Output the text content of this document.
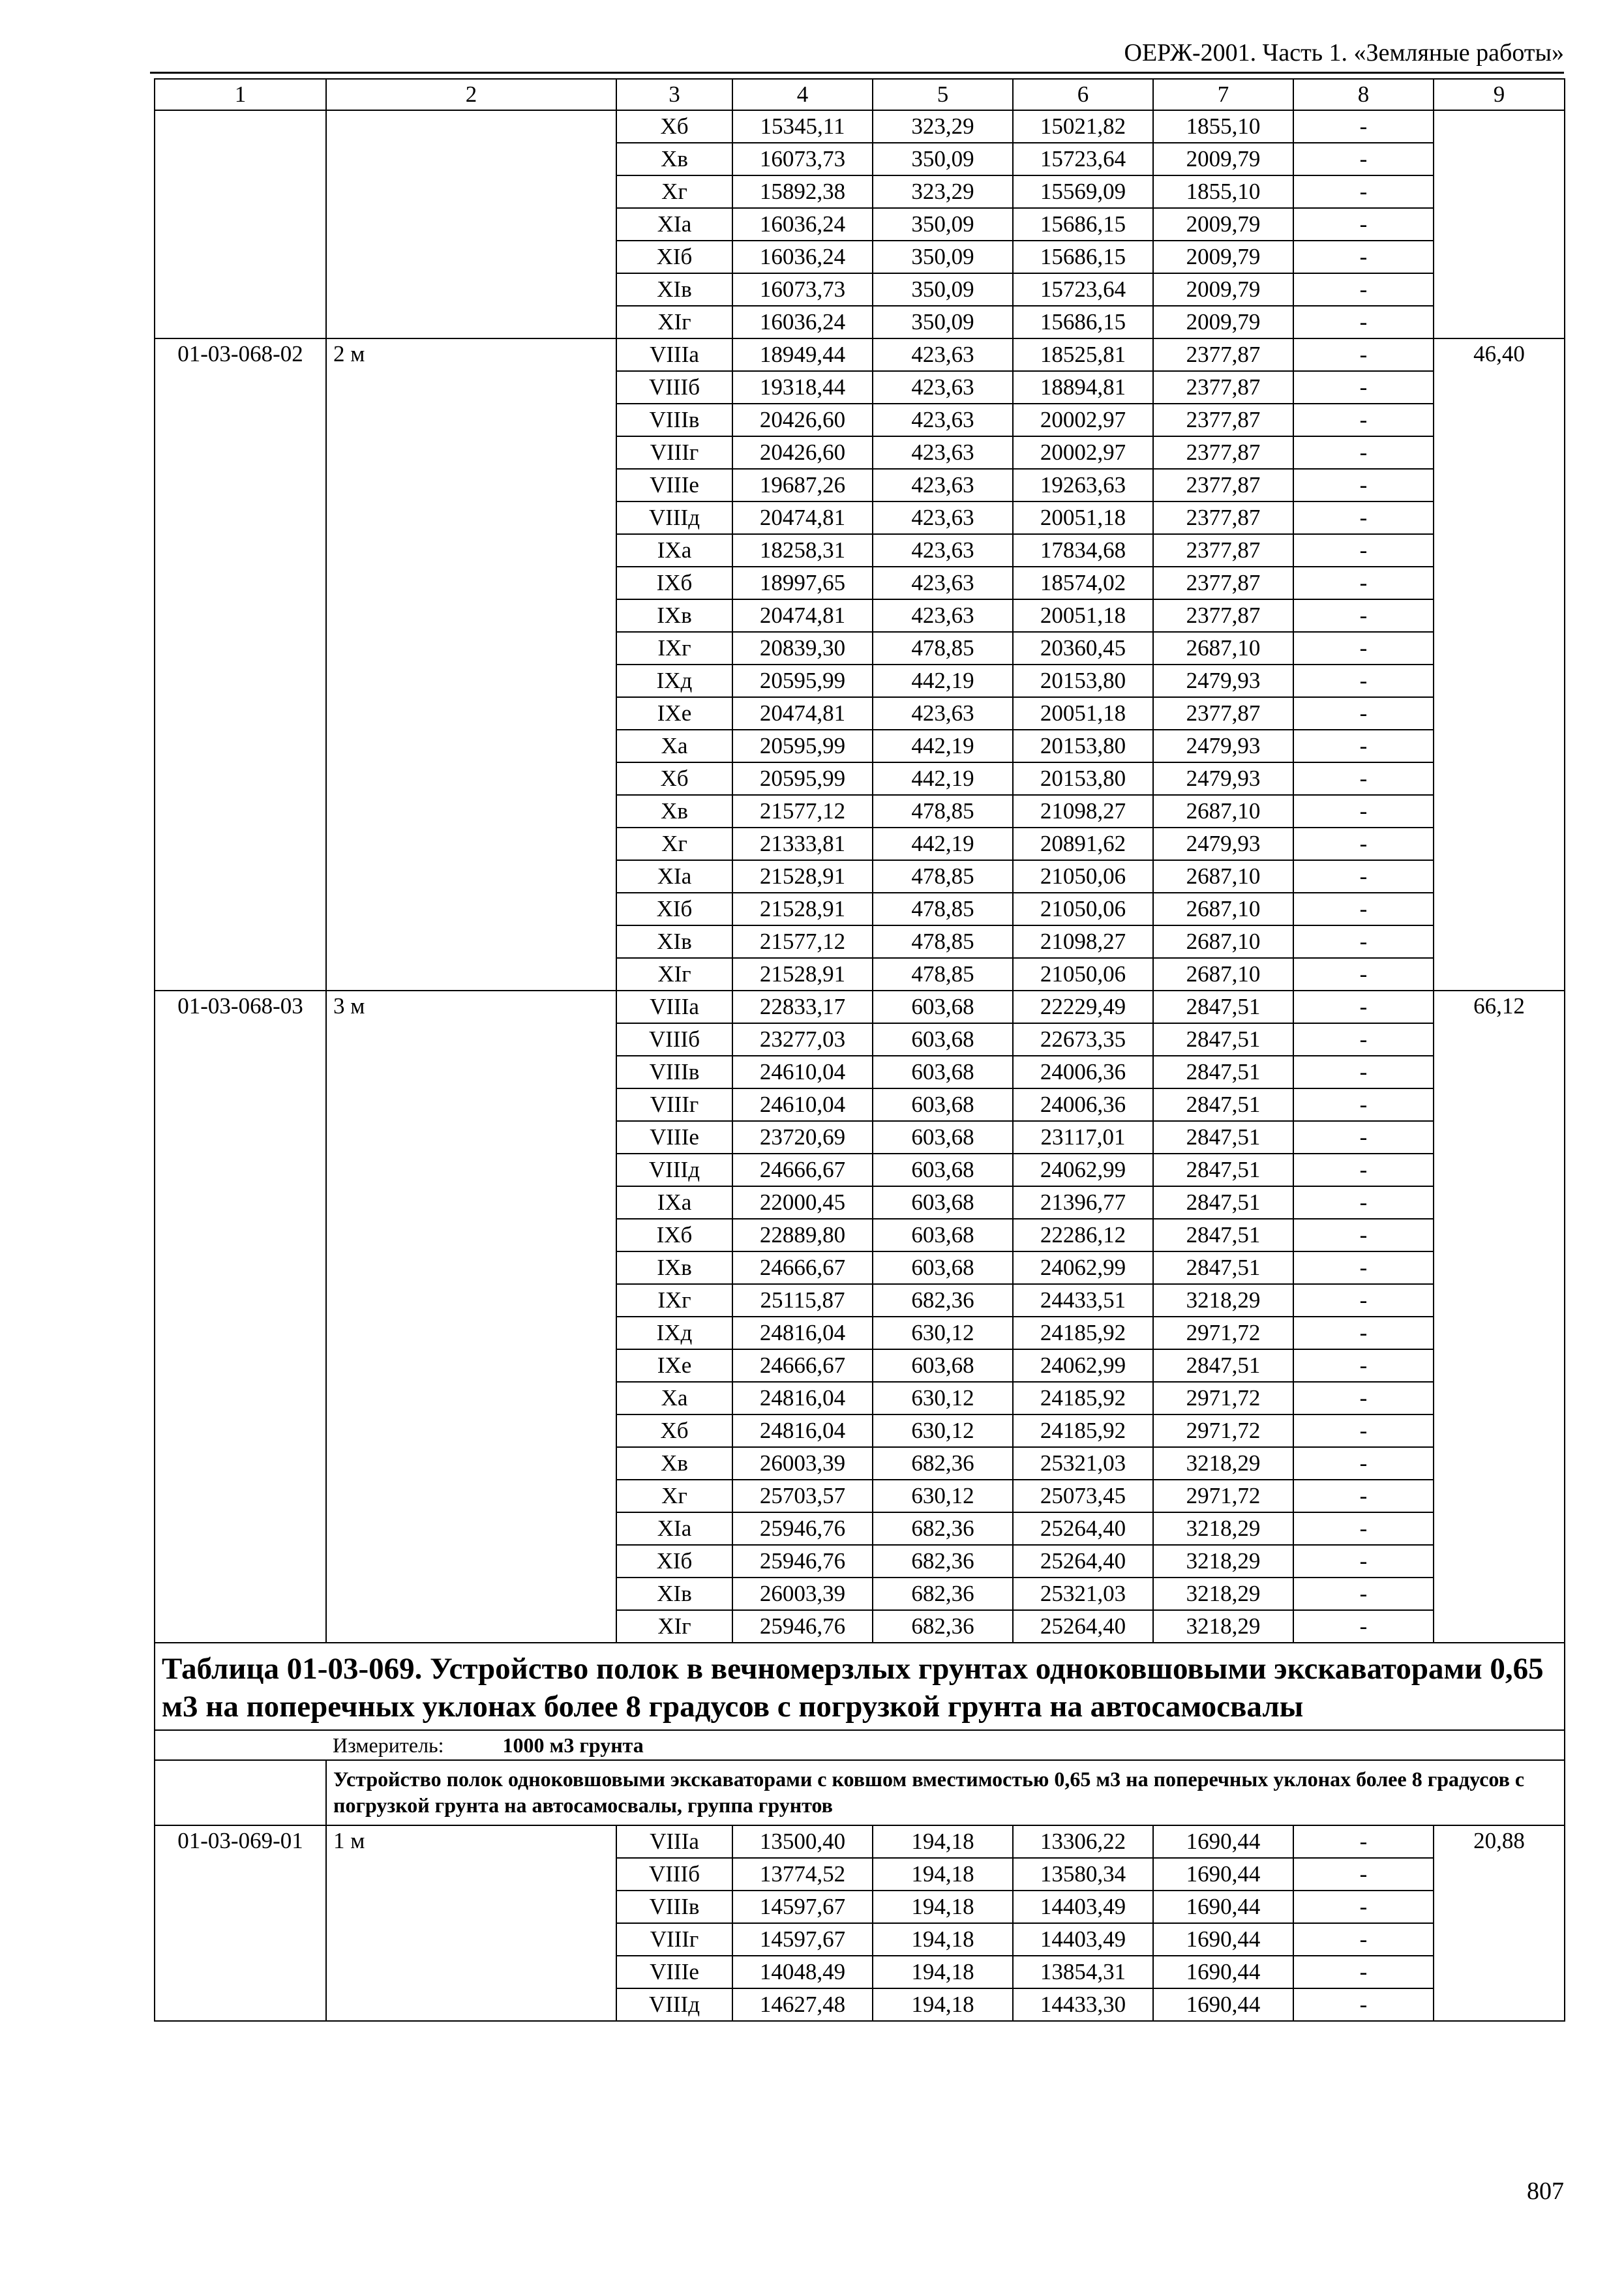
ОЕРЖ-2001. Часть 1. «Земляные работы»
1	2	3	4	5	6	7	8	9
		Xб	15345,11	323,29	15021,82	1855,10	-	
		Xв	16073,73	350,09	15723,64	2009,79	-	
		Xг	15892,38	323,29	15569,09	1855,10	-	
		XIа	16036,24	350,09	15686,15	2009,79	-	
		XIб	16036,24	350,09	15686,15	2009,79	-	
		XIв	16073,73	350,09	15723,64	2009,79	-	
		XIг	16036,24	350,09	15686,15	2009,79	-	
01-03-068-02	2 м	VIIIа	18949,44	423,63	18525,81	2377,87	-	46,40
		VIIIб	19318,44	423,63	18894,81	2377,87	-	
		VIIIв	20426,60	423,63	20002,97	2377,87	-	
		VIIIг	20426,60	423,63	20002,97	2377,87	-	
		VIIIе	19687,26	423,63	19263,63	2377,87	-	
		VIIIд	20474,81	423,63	20051,18	2377,87	-	
		IXа	18258,31	423,63	17834,68	2377,87	-	
		IXб	18997,65	423,63	18574,02	2377,87	-	
		IXв	20474,81	423,63	20051,18	2377,87	-	
		IXг	20839,30	478,85	20360,45	2687,10	-	
		IXд	20595,99	442,19	20153,80	2479,93	-	
		IXе	20474,81	423,63	20051,18	2377,87	-	
		Xа	20595,99	442,19	20153,80	2479,93	-	
		Xб	20595,99	442,19	20153,80	2479,93	-	
		Xв	21577,12	478,85	21098,27	2687,10	-	
		Xг	21333,81	442,19	20891,62	2479,93	-	
		XIа	21528,91	478,85	21050,06	2687,10	-	
		XIб	21528,91	478,85	21050,06	2687,10	-	
		XIв	21577,12	478,85	21098,27	2687,10	-	
		XIг	21528,91	478,85	21050,06	2687,10	-	
01-03-068-03	3 м	VIIIа	22833,17	603,68	22229,49	2847,51	-	66,12
		VIIIб	23277,03	603,68	22673,35	2847,51	-	
		VIIIв	24610,04	603,68	24006,36	2847,51	-	
		VIIIг	24610,04	603,68	24006,36	2847,51	-	
		VIIIе	23720,69	603,68	23117,01	2847,51	-	
		VIIIд	24666,67	603,68	24062,99	2847,51	-	
		IXа	22000,45	603,68	21396,77	2847,51	-	
		IXб	22889,80	603,68	22286,12	2847,51	-	
		IXв	24666,67	603,68	24062,99	2847,51	-	
		IXг	25115,87	682,36	24433,51	3218,29	-	
		IXд	24816,04	630,12	24185,92	2971,72	-	
		IXе	24666,67	603,68	24062,99	2847,51	-	
		Xа	24816,04	630,12	24185,92	2971,72	-	
		Xб	24816,04	630,12	24185,92	2971,72	-	
		Xв	26003,39	682,36	25321,03	3218,29	-	
		Xг	25703,57	630,12	25073,45	2971,72	-	
		XIа	25946,76	682,36	25264,40	3218,29	-	
		XIб	25946,76	682,36	25264,40	3218,29	-	
		XIв	26003,39	682,36	25321,03	3218,29	-	
		XIг	25946,76	682,36	25264,40	3218,29	-	
Таблица 01-03-069. Устройство полок в вечномерзлых грунтах одноковшовыми экскаваторами 0,65 м3 на поперечных уклонах более 8 градусов с погрузкой грунта на автосамосвалы								
	Измеритель: 1000 м3 грунта							
	Устройство полок одноковшовыми экскаваторами с ковшом вместимостью 0,65 м3 на поперечных уклонах более 8 градусов с погрузкой грунта на автосамосвалы, группа грунтов							
01-03-069-01	1 м	VIIIа	13500,40	194,18	13306,22	1690,44	-	20,88
		VIIIб	13774,52	194,18	13580,34	1690,44	-	
		VIIIв	14597,67	194,18	14403,49	1690,44	-	
		VIIIг	14597,67	194,18	14403,49	1690,44	-	
		VIIIе	14048,49	194,18	13854,31	1690,44	-	
		VIIIд	14627,48	194,18	14433,30	1690,44	-	
807
